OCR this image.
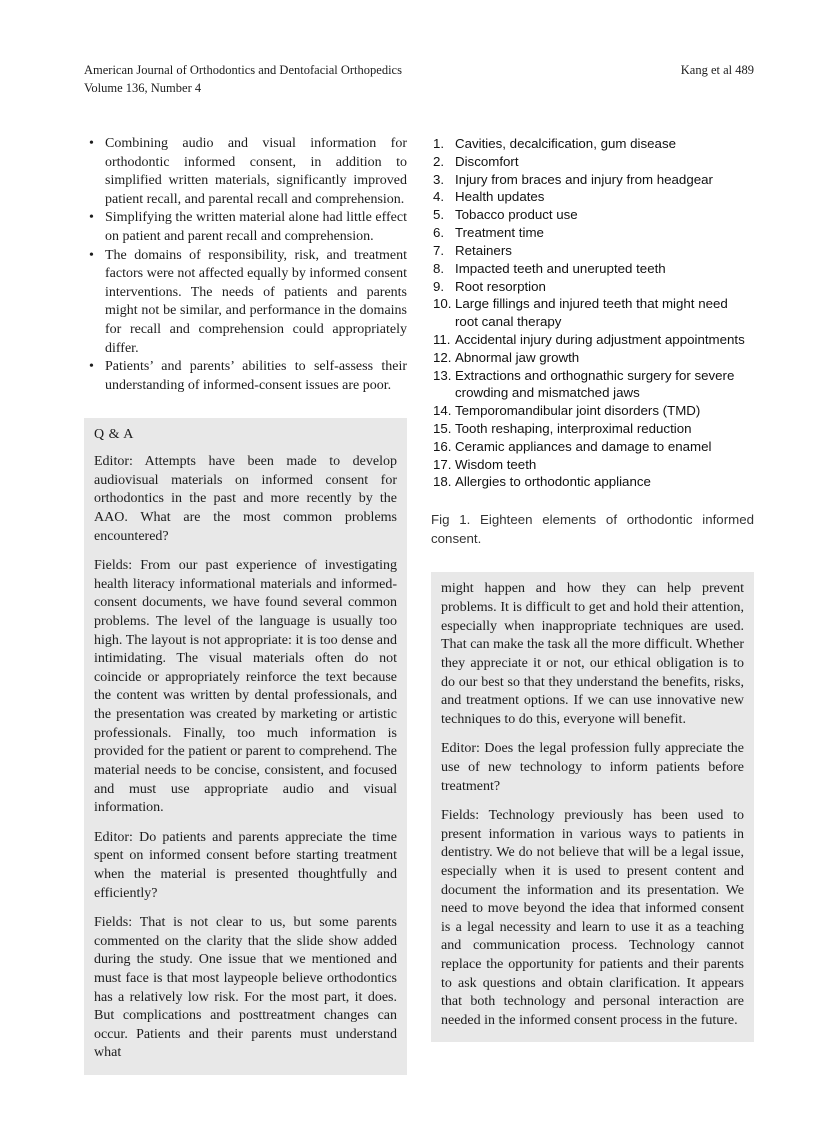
American Journal of Orthodontics and Dentofacial Orthopedics
Volume 136, Number 4
Kang et al 489
• Combining audio and visual information for orthodontic informed consent, in addition to simplified written materials, significantly improved patient recall, and parental recall and comprehension.
• Simplifying the written material alone had little effect on patient and parent recall and comprehension.
• The domains of responsibility, risk, and treatment factors were not affected equally by informed consent interventions. The needs of patients and parents might not be similar, and performance in the domains for recall and comprehension could appropriately differ.
• Patients’ and parents’ abilities to self-assess their understanding of informed-consent issues are poor.
Q & A

Editor: Attempts have been made to develop audiovisual materials on informed consent for orthodontics in the past and more recently by the AAO. What are the most common problems encountered?

Fields: From our past experience of investigating health literacy informational materials and informed-consent documents, we have found several common problems. The level of the language is usually too high. The layout is not appropriate: it is too dense and intimidating. The visual materials often do not coincide or appropriately reinforce the text because the content was written by dental professionals, and the presentation was created by marketing or artistic professionals. Finally, too much information is provided for the patient or parent to comprehend. The material needs to be concise, consistent, and focused and must use appropriate audio and visual information.

Editor: Do patients and parents appreciate the time spent on informed consent before starting treatment when the material is presented thoughtfully and efficiently?

Fields: That is not clear to us, but some parents commented on the clarity that the slide show added during the study. One issue that we mentioned and must face is that most laypeople believe orthodontics has a relatively low risk. For the most part, it does. But complications and posttreatment changes can occur. Patients and their parents must understand what

1. Cavities, decalcification, gum disease
2. Discomfort
3. Injury from braces and injury from headgear
4. Health updates
5. Tobacco product use
6. Treatment time
7. Retainers
8. Impacted teeth and unerupted teeth
9. Root resorption
10. Large fillings and injured teeth that might need root canal therapy
11. Accidental injury during adjustment appointments
12. Abnormal jaw growth
13. Extractions and orthognathic surgery for severe crowding and mismatched jaws
14. Temporomandibular joint disorders (TMD)
15. Tooth reshaping, interproximal reduction
16. Ceramic appliances and damage to enamel
17. Wisdom teeth
18. Allergies to orthodontic appliance

Fig 1. Eighteen elements of orthodontic informed consent.

might happen and how they can help prevent problems. It is difficult to get and hold their attention, especially when inappropriate techniques are used. That can make the task all the more difficult. Whether they appreciate it or not, our ethical obligation is to do our best so that they understand the benefits, risks, and treatment options. If we can use innovative new techniques to do this, everyone will benefit.

Editor: Does the legal profession fully appreciate the use of new technology to inform patients before treatment?

Fields: Technology previously has been used to present information in various ways to patients in dentistry. We do not believe that will be a legal issue, especially when it is used to present content and document the information and its presentation. We need to move beyond the idea that informed consent is a legal necessity and learn to use it as a teaching and communication process. Technology cannot replace the opportunity for patients and their parents to ask questions and obtain clarification. It appears that both technology and personal interaction are needed in the informed consent process in the future.
